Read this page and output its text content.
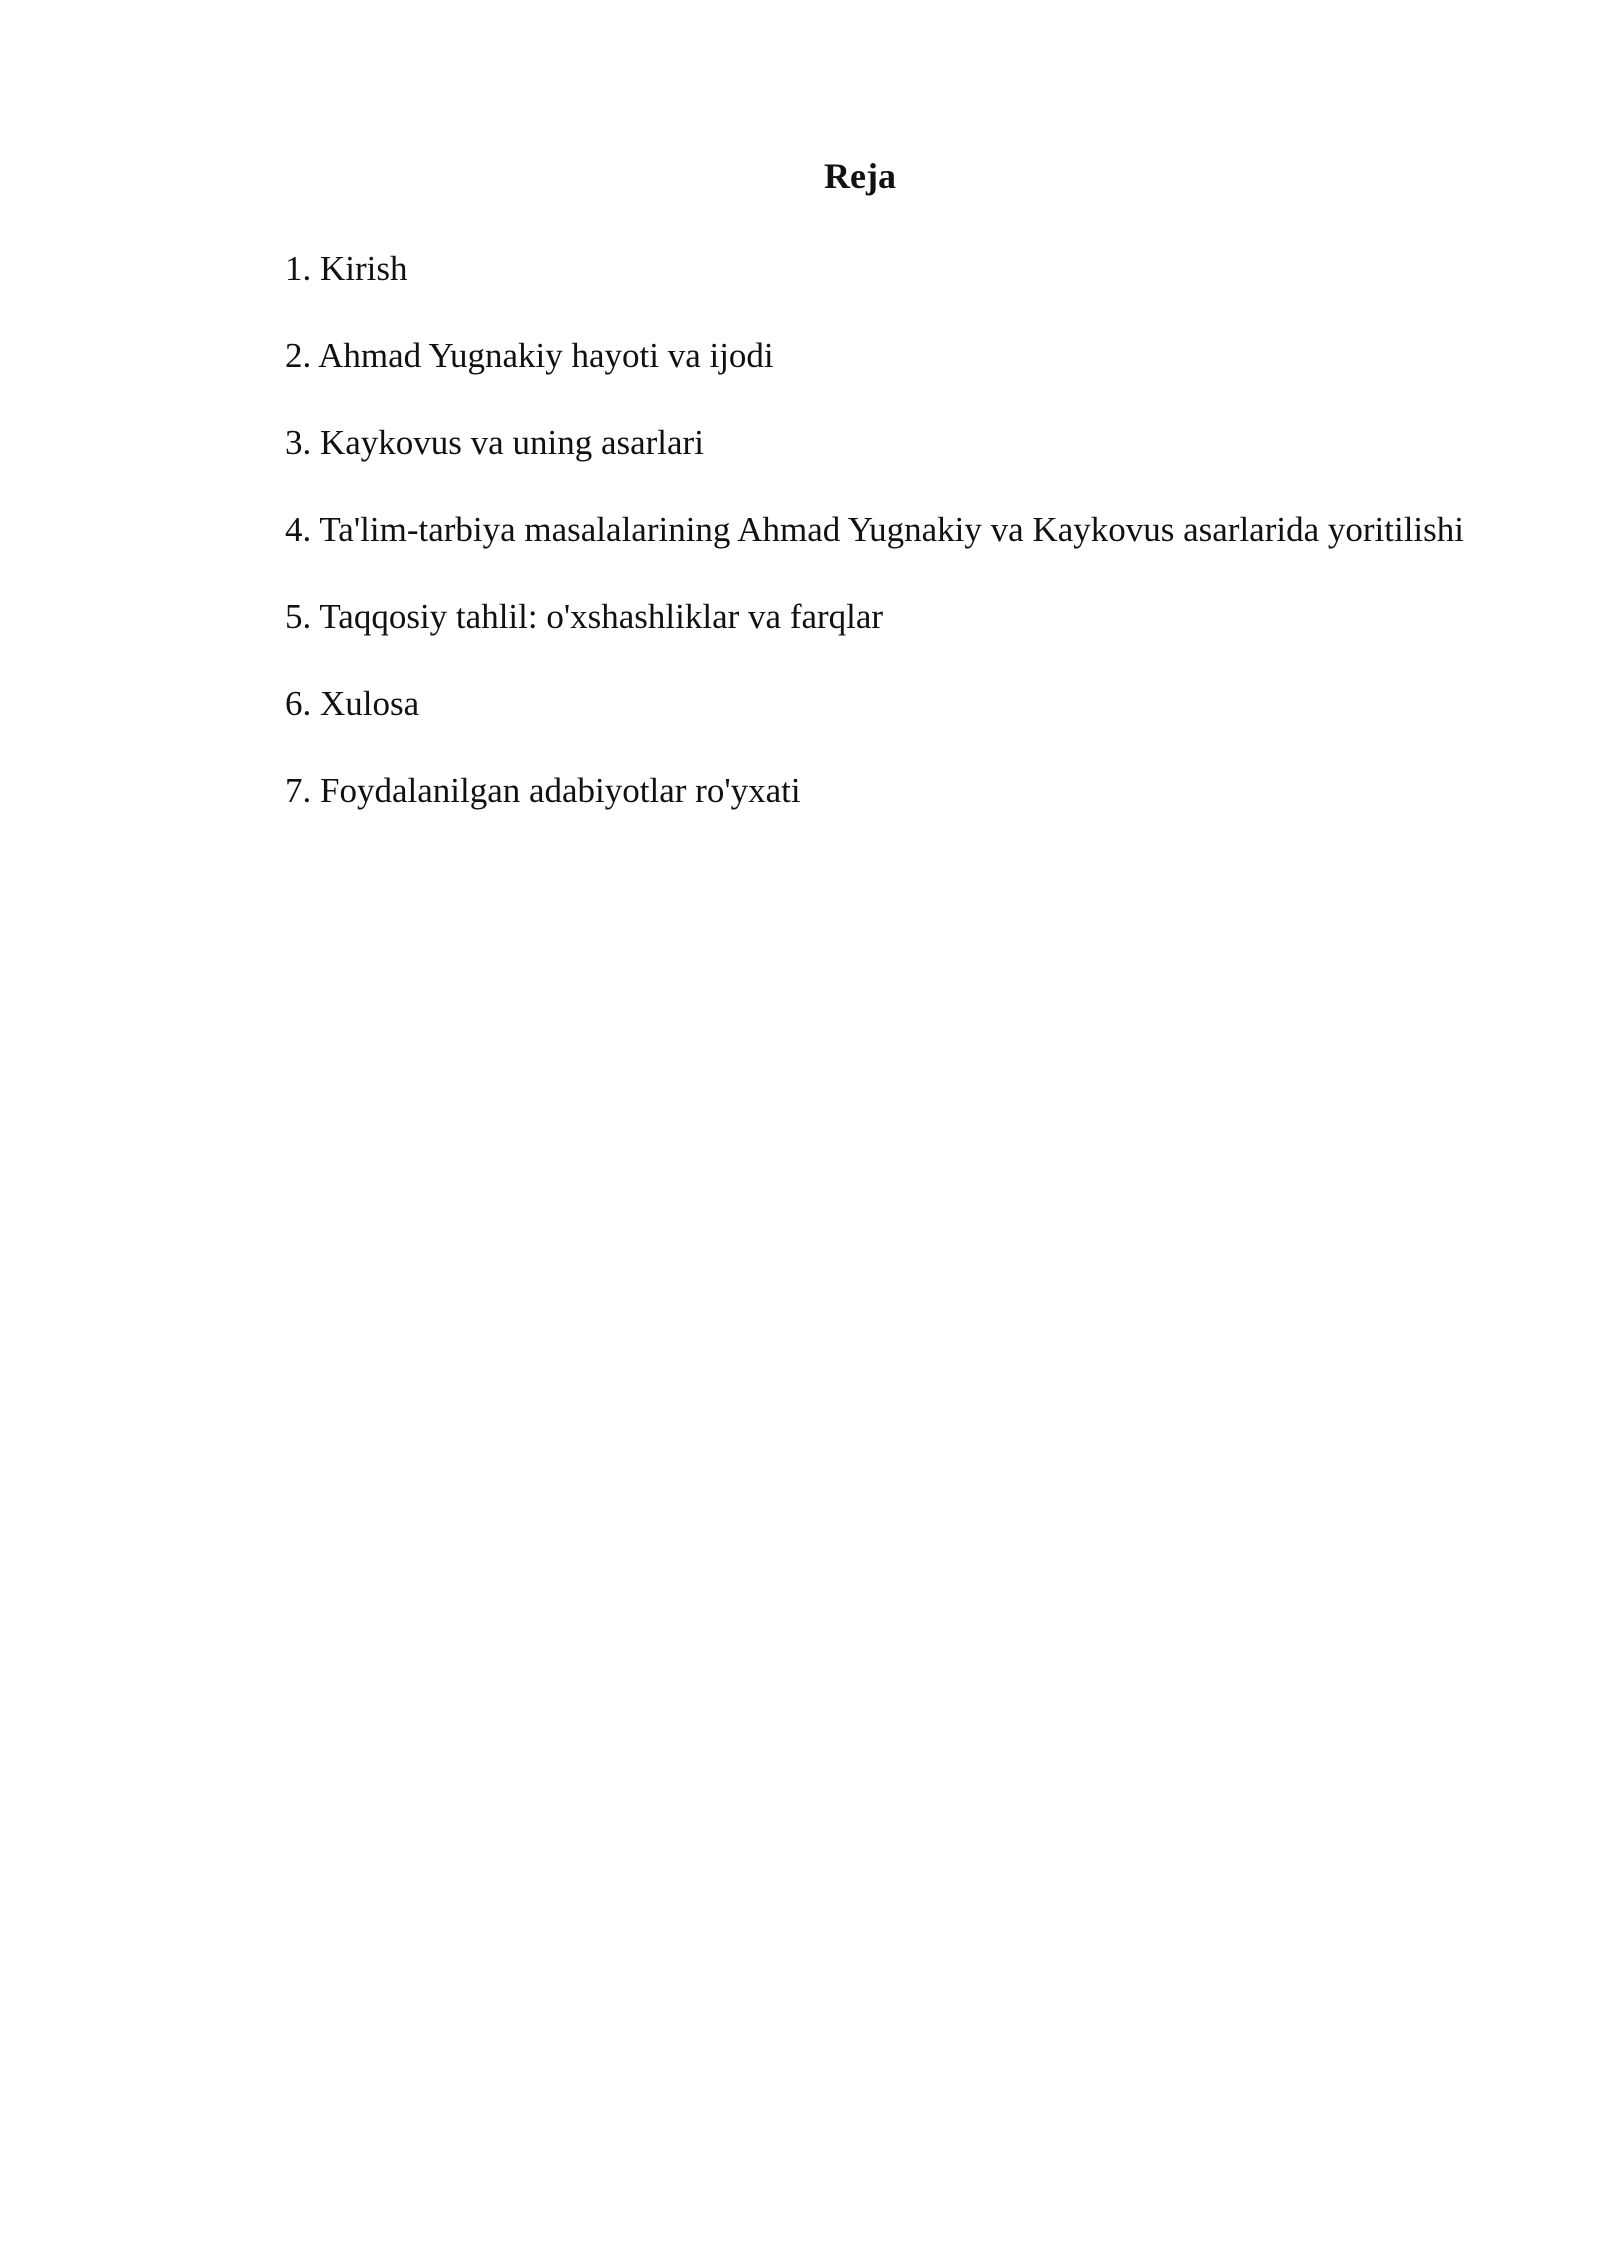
Reja
1. Kirish
2. Ahmad Yugnakiy hayoti va ijodi
3. Kaykovus va uning asarlari
4. Ta'lim-tarbiya masalalarining Ahmad Yugnakiy va Kaykovus asarlarida yoritilishi
5. Taqqosiy tahlil: o'xshashliklar va farqlar
6. Xulosa
7. Foydalanilgan adabiyotlar ro'yxati
